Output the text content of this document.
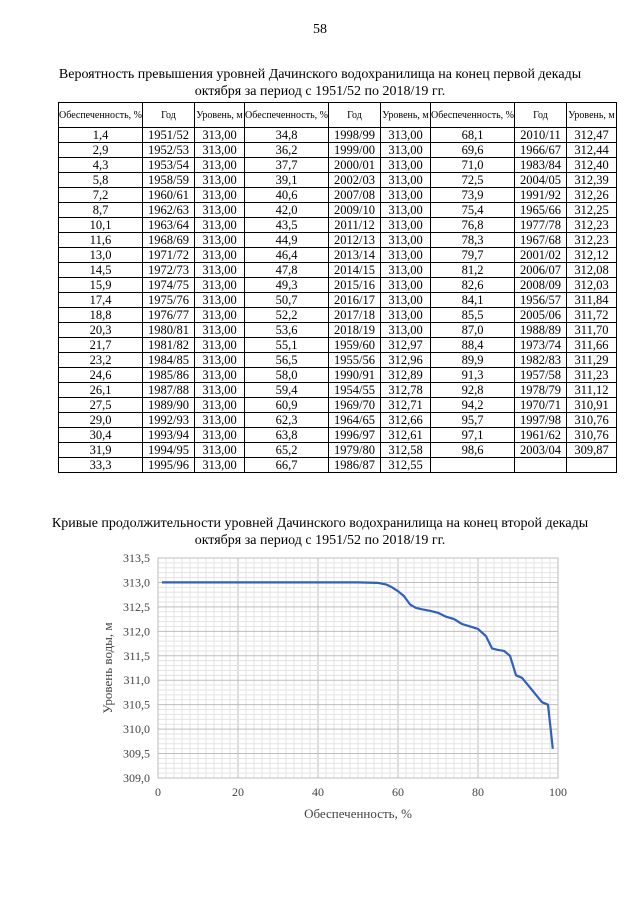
58
Вероятность превышения уровней Дачинского водохранилища на конец первой декады октября за период с 1951/52 по 2018/19 гг.
Обеспеченность, %	Год	Уровень, м	Обеспеченность, %	Год	Уровень, м	Обеспеченность, %	Год	Уровень, м
1,4	1951/52	313,00	34,8	1998/99	313,00	68,1	2010/11	312,47
2,9	1952/53	313,00	36,2	1999/00	313,00	69,6	1966/67	312,44
4,3	1953/54	313,00	37,7	2000/01	313,00	71,0	1983/84	312,40
5,8	1958/59	313,00	39,1	2002/03	313,00	72,5	2004/05	312,39
7,2	1960/61	313,00	40,6	2007/08	313,00	73,9	1991/92	312,26
8,7	1962/63	313,00	42,0	2009/10	313,00	75,4	1965/66	312,25
10,1	1963/64	313,00	43,5	2011/12	313,00	76,8	1977/78	312,23
11,6	1968/69	313,00	44,9	2012/13	313,00	78,3	1967/68	312,23
13,0	1971/72	313,00	46,4	2013/14	313,00	79,7	2001/02	312,12
14,5	1972/73	313,00	47,8	2014/15	313,00	81,2	2006/07	312,08
15,9	1974/75	313,00	49,3	2015/16	313,00	82,6	2008/09	312,03
17,4	1975/76	313,00	50,7	2016/17	313,00	84,1	1956/57	311,84
18,8	1976/77	313,00	52,2	2017/18	313,00	85,5	2005/06	311,72
20,3	1980/81	313,00	53,6	2018/19	313,00	87,0	1988/89	311,70
21,7	1981/82	313,00	55,1	1959/60	312,97	88,4	1973/74	311,66
23,2	1984/85	313,00	56,5	1955/56	312,96	89,9	1982/83	311,29
24,6	1985/86	313,00	58,0	1990/91	312,89	91,3	1957/58	311,23
26,1	1987/88	313,00	59,4	1954/55	312,78	92,8	1978/79	311,12
27,5	1989/90	313,00	60,9	1969/70	312,71	94,2	1970/71	310,91
29,0	1992/93	313,00	62,3	1964/65	312,66	95,7	1997/98	310,76
30,4	1993/94	313,00	63,8	1996/97	312,61	97,1	1961/62	310,76
31,9	1994/95	313,00	65,2	1979/80	312,58	98,6	2003/04	309,87
33,3	1995/96	313,00	66,7	1986/87	312,55			
Кривые продолжительности уровней Дачинского водохранилища на конец второй декады октября за период с 1951/52 по 2018/19 гг.
309,0
309,5
310,0
310,5
311,0
311,5
312,0
312,5
313,0
313,5
0	20	40	60	80	100
Обеспеченность, %
Уровень воды, м
